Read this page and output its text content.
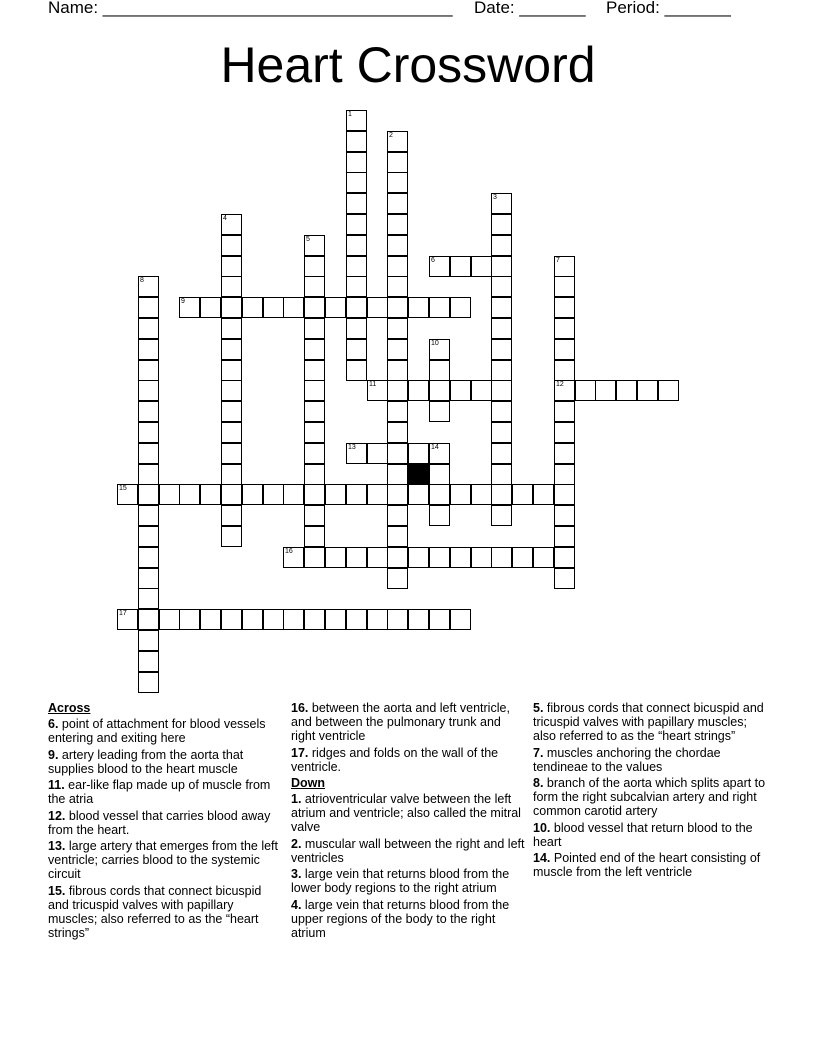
Name: _____________________________________ Date: _______ Period: _______
Heart Crossword
6
9
11	12
13	14
15
16
17
1
2
3
4
5
7
8
10
Across
6. point of attachment for blood vessels entering and exiting here
9. artery leading from the aorta that supplies blood to the heart muscle
11. ear-like flap made up of muscle from the atria
12. blood vessel that carries blood away from the heart.
13. large artery that emerges from the left ventricle; carries blood to the systemic circuit
15. fibrous cords that connect bicuspid and tricuspid valves with papillary muscles; also referred to as the “heart strings”
16. between the aorta and left ventricle, and between the pulmonary trunk and right ventricle
17. ridges and folds on the wall of the ventricle.
Down
1. atrioventricular valve between the left atrium and ventricle; also called the mitral valve
2. muscular wall between the right and left ventricles
3. large vein that returns blood from the lower body regions to the right atrium
4. large vein that returns blood from the upper regions of the body to the right atrium
5. fibrous cords that connect bicuspid and tricuspid valves with papillary muscles; also referred to as the “heart strings”
7. muscles anchoring the chordae tendineae to the values
8. branch of the aorta which splits apart to form the right subcalvian artery and right common carotid artery
10. blood vessel that return blood to the heart
14. Pointed end of the heart consisting of muscle from the left ventricle
